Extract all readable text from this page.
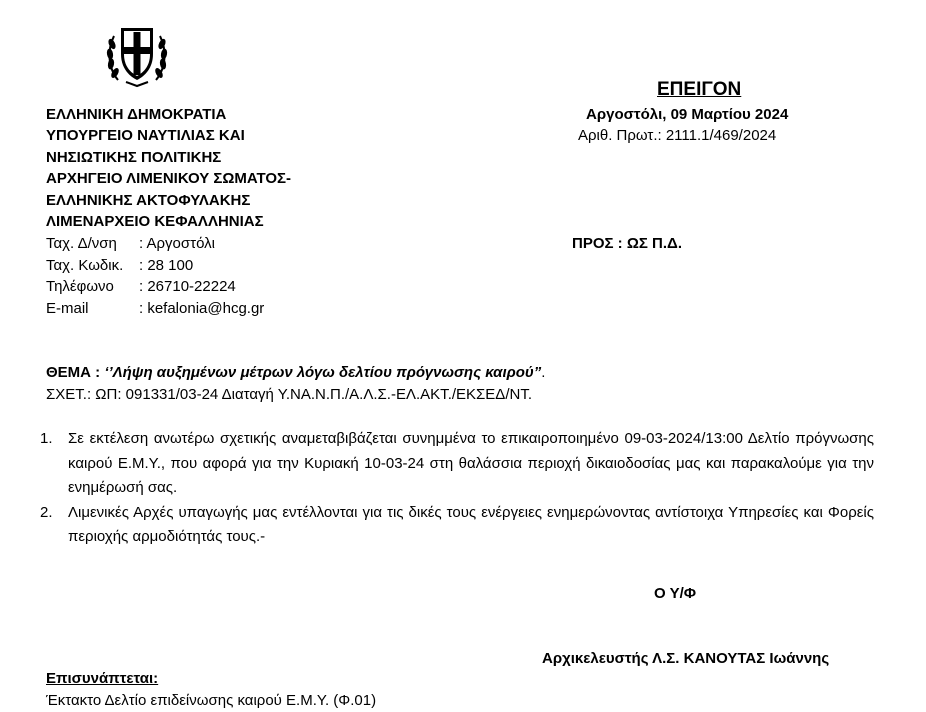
ΕΛΛΗΝΙΚΗ ΔΗΜΟΚΡΑΤΙΑ
ΥΠΟΥΡΓΕΙΟ ΝΑΥΤΙΛΙΑΣ ΚΑΙ
ΝΗΣΙΩΤΙΚΗΣ ΠΟΛΙΤΙΚΗΣ
ΑΡΧΗΓΕΙΟ ΛΙΜΕΝΙΚΟΥ ΣΩΜΑΤΟΣ-
ΕΛΛΗΝΙΚΗΣ ΑΚΤΟΦΥΛΑΚΗΣ
ΛΙΜΕΝΑΡΧΕΙΟ ΚΕΦΑΛΛΗΝΙΑΣ
Ταχ. Δ/νση : Αργοστόλι
Ταχ. Κωδικ. : 28 100
Τηλέφωνο : 26710-22224
E-mail	: kefalonia@hcg.gr
ΕΠΕΙΓΟΝ
Αργοστόλι, 09 Μαρτίου 2024
Αριθ. Πρωτ.: 2111.1/469/2024
ΠΡΟΣ : ΩΣ Π.Δ.
ΘΕΜΑ : ‘’Λήψη αυξημένων μέτρων λόγω δελτίου πρόγνωσης καιρού”.
ΣΧΕΤ.: ΩΠ: 091331/03-24 Διαταγή Υ.ΝΑ.Ν.Π./Α.Λ.Σ.-ΕΛ.ΑΚΤ./ΕΚΣΕΔ/ΝΤ.
1. Σε εκτέλεση ανωτέρω σχετικής αναμεταβιβάζεται συνημμένα το επικαιροποιημένο 09-03-2024/13:00 Δελτίο πρόγνωσης καιρού Ε.Μ.Υ., που αφορά για την Κυριακή 10-03-24 στη θαλάσσια περιοχή δικαιοδοσίας μας και παρακαλούμε για την ενημέρωσή σας.
2. Λιμενικές Αρχές υπαγωγής μας εντέλλονται για τις δικές τους ενέργειες ενημερώνοντας αντίστοιχα Υπηρεσίες και Φορείς περιοχής αρμοδιότητάς τους.-
Ο Υ/Φ
Αρχικελευστής Λ.Σ. ΚΑΝΟΥΤΑΣ Ιωάννης
Επισυνάπτεται:
Έκτακτο Δελτίο επιδείνωσης καιρού Ε.Μ.Υ. (Φ.01)
